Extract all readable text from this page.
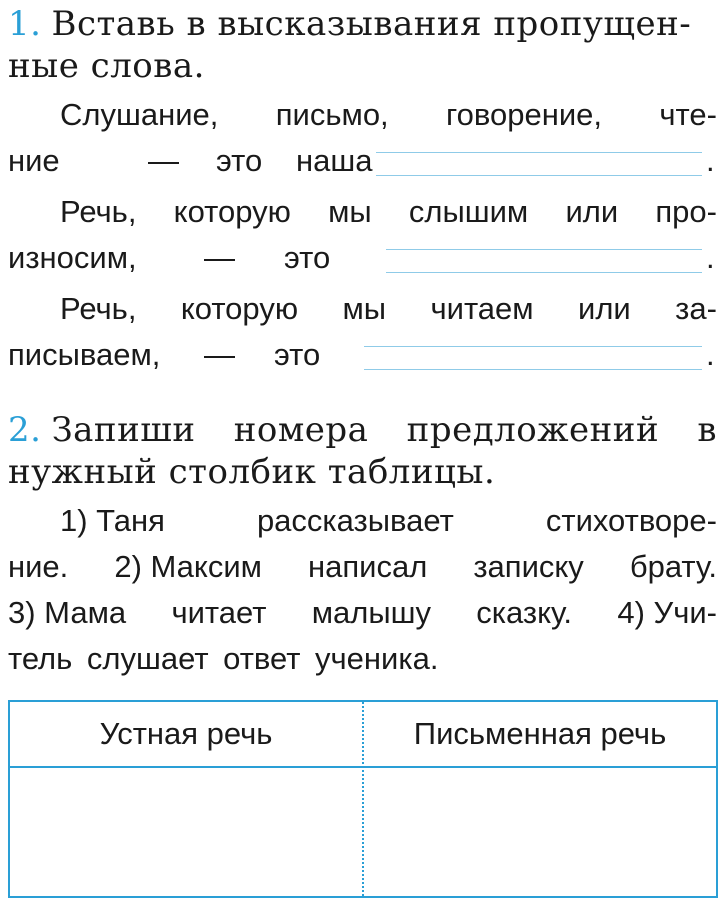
1. Вставь в высказывания пропущен-
ные слова.
Слушание, письмо, говорение, чте-
ние	— это наша	.
Речь, которую мы слышим или про-
износим, — это	.
Речь, которую мы читаем или за-
писываем, — это	.
2. Запиши номера предложений в
нужный столбик таблицы.
1) Таня	рассказывает	стихотворе-
ние. 2) Максим написал записку брату.
3) Мама читает малышу сказку. 4) Учи-
тель слушает ответ ученика.
Устная речь	Письменная речь
